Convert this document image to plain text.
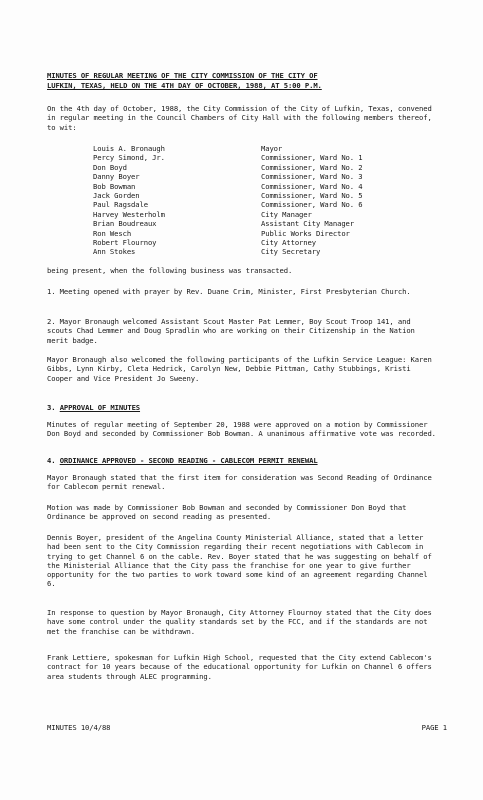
MINUTES OF REGULAR MEETING OF THE CITY COMMISSION OF THE CITY OF
LUFKIN, TEXAS, HELD ON THE 4TH DAY OF OCTOBER, 1988, AT 5:00 P.M.

On the 4th day of October, 1988, the City Commission of the City of Lufkin, Texas, convened in regular meeting in the Council Chambers of City Hall with the following members thereof, to wit:

Louis A. Bronaugh	Mayor
Percy Simond, Jr.	Commissioner, Ward No. 1
Don Boyd	Commissioner, Ward No. 2
Danny Boyer	Commissioner, Ward No. 3
Bob Bowman	Commissioner, Ward No. 4
Jack Gorden	Commissioner, Ward No. 5
Paul Ragsdale	Commissioner, Ward No. 6
Harvey Westerholm	City Manager
Brian Boudreaux	Assistant City Manager
Ron Wesch	Public Works Director
Robert Flournoy	City Attorney
Ann Stokes	City Secretary

being present, when the following business was transacted.

1. Meeting opened with prayer by Rev. Duane Crim, Minister, First Presbyterian Church.

2. Mayor Bronaugh welcomed Assistant Scout Master Pat Lemmer, Boy Scout Troop 141, and scouts Chad Lemmer and Doug Spradlin who are working on their Citizenship in the Nation merit badge.

Mayor Bronaugh also welcomed the following participants of the Lufkin Service League: Karen Gibbs, Lynn Kirby, Cleta Hedrick, Carolyn New, Debbie Pittman, Cathy Stubbings, Kristi Cooper and Vice President Jo Sweeny.

3. APPROVAL OF MINUTES

Minutes of regular meeting of September 20, 1988 were approved on a motion by Commissioner Don Boyd and seconded by Commissioner Bob Bowman. A unanimous affirmative vote was recorded.

4. ORDINANCE APPROVED - SECOND READING - CABLECOM PERMIT RENEWAL

Mayor Bronaugh stated that the first item for consideration was Second Reading of Ordinance for Cablecom permit renewal.

Motion was made by Commissioner Bob Bowman and seconded by Commissioner Don Boyd that Ordinance be approved on second reading as presented.

Dennis Boyer, president of the Angelina County Ministerial Alliance, stated that a letter had been sent to the City Commission regarding their recent negotiations with Cablecom in trying to get Channel 6 on the cable. Rev. Boyer stated that he was suggesting on behalf of the Ministerial Alliance that the City pass the franchise for one year to give further opportunity for the two parties to work toward some kind of an agreement regarding Channel 6.

In response to question by Mayor Bronaugh, City Attorney Flournoy stated that the City does have some control under the quality standards set by the FCC, and if the standards are not met the franchise can be withdrawn.

Frank Lettiere, spokesman for Lufkin High School, requested that the City extend Cablecom's contract for 10 years because of the educational opportunity for Lufkin on Channel 6 offers area students through ALEC programming.

MINUTES 10/4/88	PAGE 1
